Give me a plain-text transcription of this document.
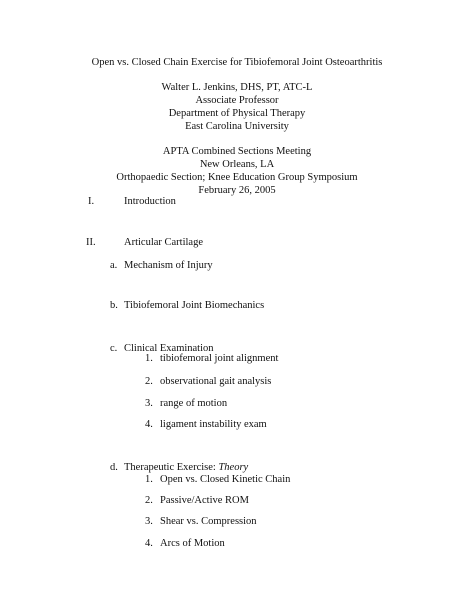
Open vs. Closed Chain Exercise for Tibiofemoral Joint Osteoarthritis
Walter L. Jenkins, DHS, PT, ATC-L
Associate Professor
Department of Physical Therapy
East Carolina University
APTA Combined Sections Meeting
New Orleans, LA
Orthopaedic Section; Knee Education Group Symposium
February 26, 2005
I.	Introduction
II.	Articular Cartilage
a. Mechanism of Injury
b. Tibiofemoral Joint Biomechanics
c. Clinical Examination
1. tibiofemoral joint alignment
2. observational gait analysis
3. range of motion
4. ligament instability exam
d. Therapeutic Exercise: Theory
1. Open vs. Closed Kinetic Chain
2. Passive/Active ROM
3. Shear vs. Compression
4. Arcs of Motion
